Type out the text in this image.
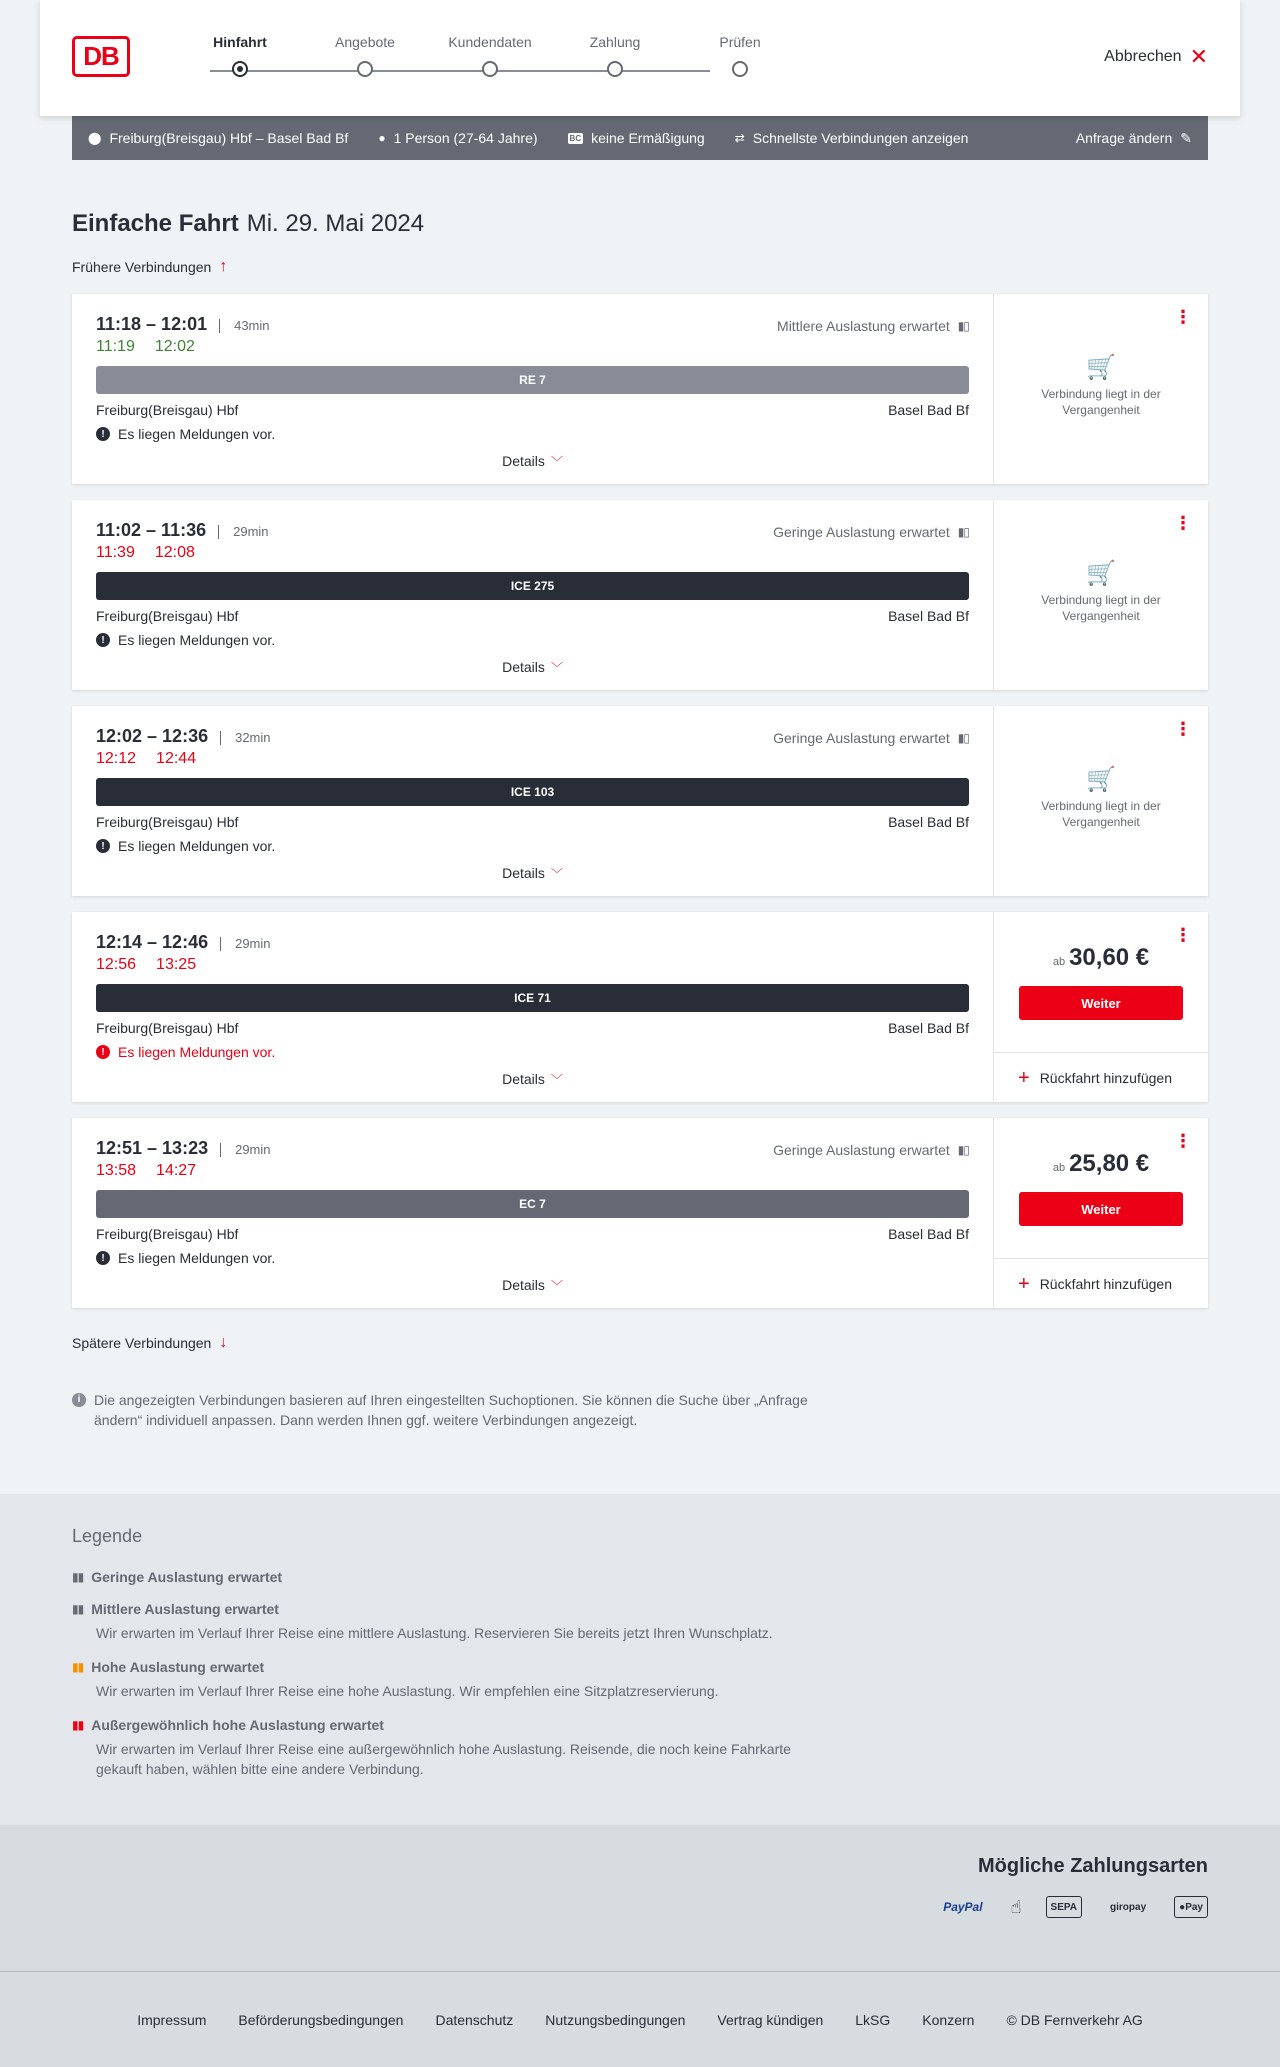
DB	Hinfahrt	Angebote	Kundendaten	Zahlung	Prüfen
Abbrechen ✕
⬤ Freiburg(Breisgau) Hbf – Basel Bad Bf	● 1 Person (27-64 Jahre)	BC keine Ermäßigung	⇄ Schnellste Verbindungen anzeigen	Anfrage ändern ✎
Einfache Fahrt Mi. 29. Mai 2024
Frühere Verbindungen ↑
11:18 – 12:01	43min	Mittlere Auslastung erwartet ▮▯
11:19 12:02
RE 7
Freiburg(Breisgau) Hbf	Basel Bad Bf
! Es liegen Meldungen vor.
Details ﹀
⋮
🛒
Verbindung liegt in der Vergangenheit
11:02 – 11:36	29min	Geringe Auslastung erwartet ▮▯
11:39 12:08
ICE 275
Freiburg(Breisgau) Hbf	Basel Bad Bf
! Es liegen Meldungen vor.
Details ﹀
⋮
🛒
Verbindung liegt in der Vergangenheit
12:02 – 12:36	32min	Geringe Auslastung erwartet ▮▯
12:12 12:44
ICE 103
Freiburg(Breisgau) Hbf	Basel Bad Bf
! Es liegen Meldungen vor.
Details ﹀
⋮
🛒
Verbindung liegt in der Vergangenheit
12:14 – 12:46	29min
12:56 13:25
ICE 71
Freiburg(Breisgau) Hbf	Basel Bad Bf
! Es liegen Meldungen vor.
Details ﹀
⋮
ab 30,60 €
Weiter
+ Rückfahrt hinzufügen
12:51 – 13:23	29min	Geringe Auslastung erwartet ▮▯
13:58 14:27
EC 7
Freiburg(Breisgau) Hbf	Basel Bad Bf
! Es liegen Meldungen vor.
Details ﹀
⋮
ab 25,80 €
Weiter
+ Rückfahrt hinzufügen
Spätere Verbindungen ↓
i Die angezeigten Verbindungen basieren auf Ihren eingestellten Suchoptionen. Sie können die Suche über „Anfrage ändern“ individuell anpassen. Dann werden Ihnen ggf. weitere Verbindungen angezeigt.
Legende
▮▮ Geringe Auslastung erwartet
▮▮ Mittlere Auslastung erwartet
Wir erwarten im Verlauf Ihrer Reise eine mittlere Auslastung. Reservieren Sie bereits jetzt Ihren Wunschplatz.
▮▮ Hohe Auslastung erwartet
Wir erwarten im Verlauf Ihrer Reise eine hohe Auslastung. Wir empfehlen eine Sitzplatzreservierung.
▮▮ Außergewöhnlich hohe Auslastung erwartet
Wir erwarten im Verlauf Ihrer Reise eine außergewöhnlich hohe Auslastung. Reisende, die noch keine Fahrkarte gekauft haben, wählen bitte eine andere Verbindung.
Mögliche Zahlungsarten
PayPal ☝	SEPA	giropay	● Pay
Impressum Beförderungsbedingungen Datenschutz Nutzungsbedingungen Vertrag kündigen LkSG Konzern © DB Fernverkehr AG
